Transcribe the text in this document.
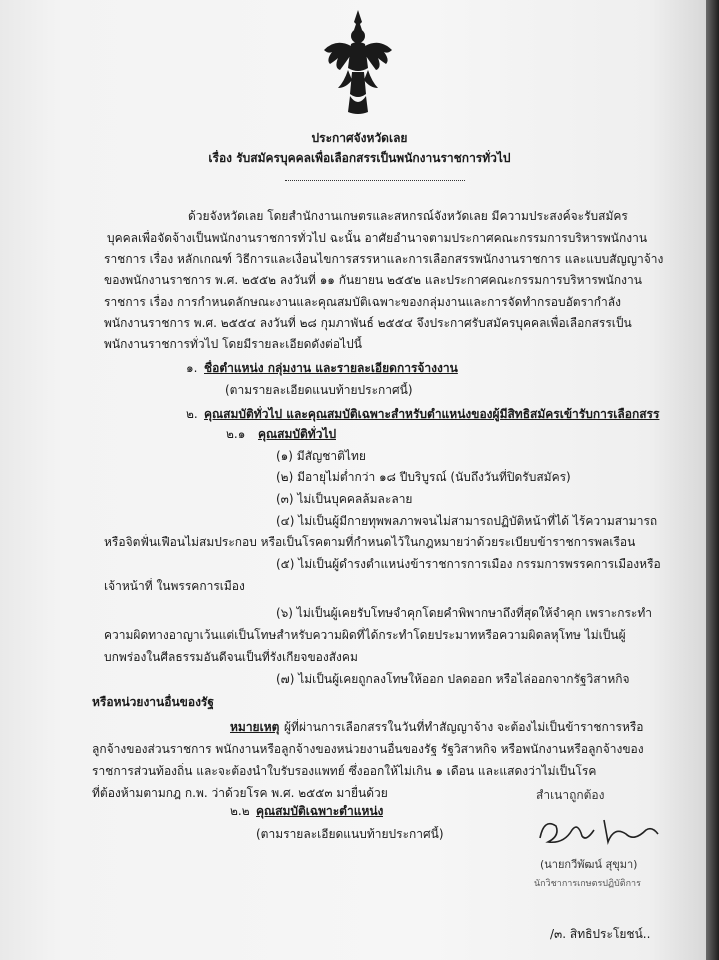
ประกาศจังหวัดเลย
เรื่อง รับสมัครบุคคลเพื่อเลือกสรรเป็นพนักงานราชการทั่วไป
ด้วยจังหวัดเลย โดยสำนักงานเกษตรและสหกรณ์จังหวัดเลย มีความประสงค์จะรับสมัคร
บุคคลเพื่อจัดจ้างเป็นพนักงานราชการทั่วไป ฉะนั้น อาศัยอำนาจตามประกาศคณะกรรมการบริหารพนักงาน
ราชการ เรื่อง หลักเกณฑ์ วิธีการและเงื่อนไขการสรรหาและการเลือกสรรพนักงานราชการ และแบบสัญญาจ้าง
ของพนักงานราชการ พ.ศ. ๒๕๕๒ ลงวันที่ ๑๑ กันยายน ๒๕๕๒ และประกาศคณะกรรมการบริหารพนักงาน
ราชการ เรื่อง การกำหนดลักษณะงานและคุณสมบัติเฉพาะของกลุ่มงานและการจัดทำกรอบอัตรากำลัง
พนักงานราชการ พ.ศ. ๒๕๕๔ ลงวันที่ ๒๘ กุมภาพันธ์ ๒๕๕๔ จึงประกาศรับสมัครบุคคลเพื่อเลือกสรรเป็น
พนักงานราชการทั่วไป โดยมีรายละเอียดดังต่อไปนี้
๑. ชื่อตำแหน่ง กลุ่มงาน และรายละเอียดการจ้างงาน
(ตามรายละเอียดแนบท้ายประกาศนี้)
๒. คุณสมบัติทั่วไป และคุณสมบัติเฉพาะสำหรับตำแหน่งของผู้มีสิทธิสมัครเข้ารับการเลือกสรร
๒.๑ คุณสมบัติทั่วไป
(๑) มีสัญชาติไทย
(๒) มีอายุไม่ต่ำกว่า ๑๘ ปีบริบูรณ์ (นับถึงวันที่ปิดรับสมัคร)
(๓) ไม่เป็นบุคคลล้มละลาย
(๔) ไม่เป็นผู้มีกายทุพพลภาพจนไม่สามารถปฏิบัติหน้าที่ได้ ไร้ความสามารถ
หรือจิตฟั่นเฟือนไม่สมประกอบ หรือเป็นโรคตามที่กำหนดไว้ในกฎหมายว่าด้วยระเบียบข้าราชการพลเรือน
(๕) ไม่เป็นผู้ดำรงตำแหน่งข้าราชการการเมือง กรรมการพรรคการเมืองหรือ
เจ้าหน้าที่ ในพรรคการเมือง
(๖) ไม่เป็นผู้เคยรับโทษจำคุกโดยคำพิพากษาถึงที่สุดให้จำคุก เพราะกระทำ
ความผิดทางอาญาเว้นแต่เป็นโทษสำหรับความผิดที่ได้กระทำโดยประมาทหรือความผิดลหุโทษ ไม่เป็นผู้
บกพร่องในศีลธรรมอันดีจนเป็นที่รังเกียจของสังคม
(๗) ไม่เป็นผู้เคยถูกลงโทษให้ออก ปลดออก หรือไล่ออกจากรัฐวิสาหกิจ
หรือหน่วยงานอื่นของรัฐ
หมายเหตุ ผู้ที่ผ่านการเลือกสรรในวันที่ทำสัญญาจ้าง จะต้องไม่เป็นข้าราชการหรือ
ลูกจ้างของส่วนราชการ พนักงานหรือลูกจ้างของหน่วยงานอื่นของรัฐ รัฐวิสาหกิจ หรือพนักงานหรือลูกจ้างของ
ราชการส่วนท้องถิ่น และจะต้องนำใบรับรองแพทย์ ซึ่งออกให้ไม่เกิน ๑ เดือน และแสดงว่าไม่เป็นโรค
ที่ต้องห้ามตามกฎ ก.พ. ว่าด้วยโรค พ.ศ. ๒๕๕๓ มายื่นด้วย
๒.๒ คุณสมบัติเฉพาะตำแหน่ง
(ตามรายละเอียดแนบท้ายประกาศนี้)
สำเนาถูกต้อง
(นายกวีพัฒน์ สุขุมา)
นักวิชาการเกษตรปฏิบัติการ
/๓. สิทธิประโยชน์..
